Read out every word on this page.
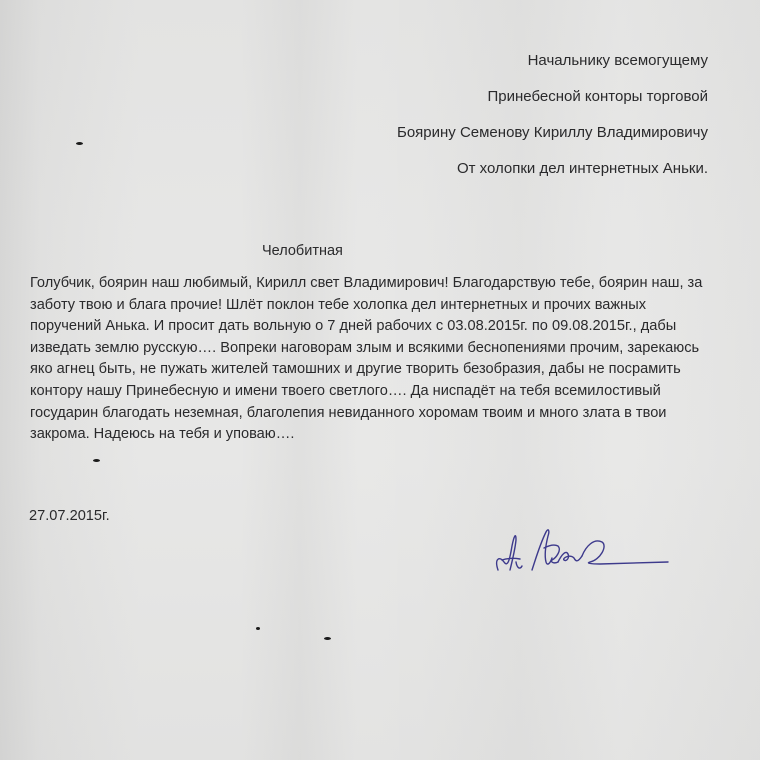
Начальнику всемогущему
Принебесной конторы торговой
Боярину Семенову Кириллу Владимировичу
От холопки дел интернетных Аньки.
Челобитная
Голубчик, боярин наш любимый, Кирилл свет Владимирович! Благодарствую тебе, боярин наш, за
заботу твою и блага прочие! Шлёт поклон тебе холопка дел интернетных и прочих важных
поручений Анька. И просит дать вольную о 7 дней рабочих с 03.08.2015г. по 09.08.2015г., дабы
изведать землю русскую…. Вопреки наговорам злым и всякими беснопениями прочим, зарекаюсь
яко агнец быть, не пужать жителей тамошних и другие творить безобразия, дабы не посрамить
контору нашу Принебесную и имени твоего светлого…. Да ниспадёт на тебя всемилостивый
государин благодать неземная, благолепия невиданного хоромам твоим и много злата в твои
закрома. Надеюсь на тебя и уповаю….
27.07.2015г.
